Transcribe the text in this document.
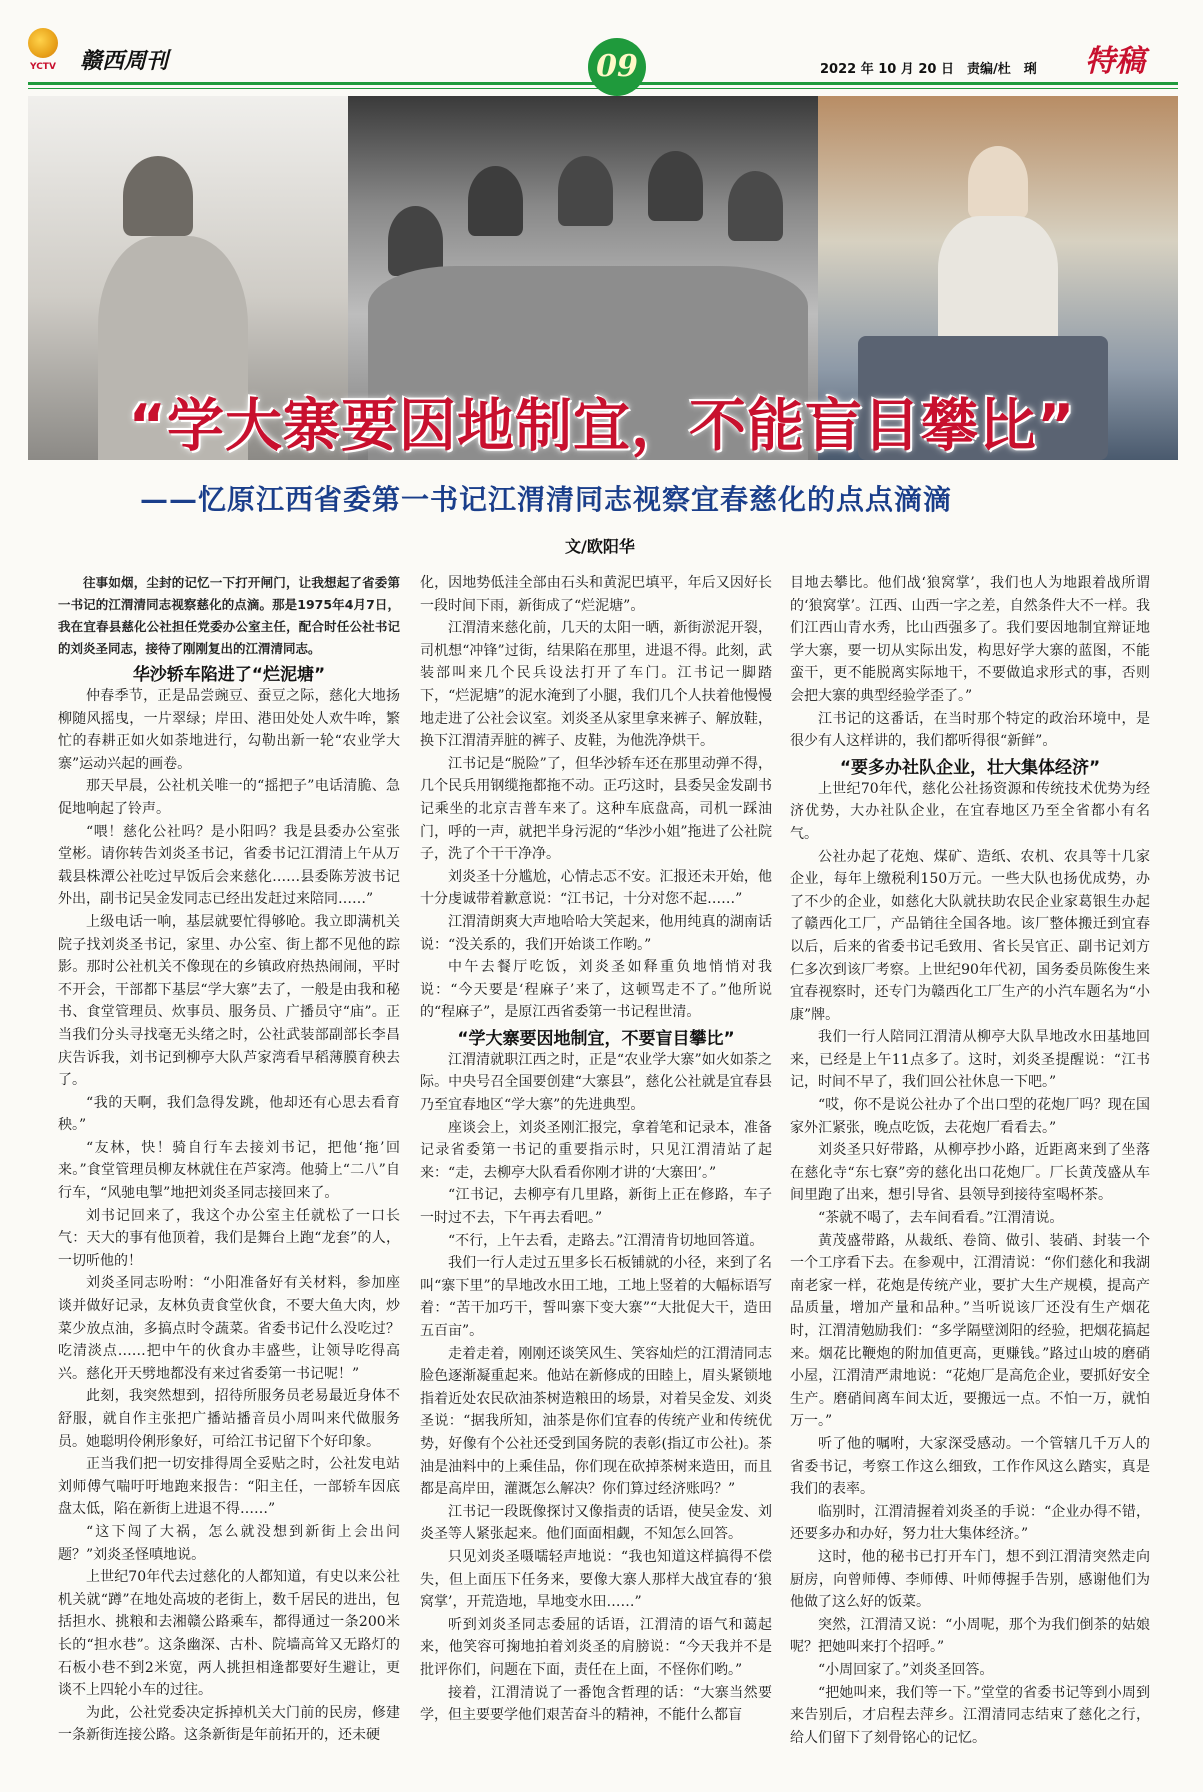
YCTV 赣西周刊	09	2022 年 10 月 20 日　责编/杜　琍 特稿
“学大寨要因地制宜，不能盲目攀比”
——忆原江西省委第一书记江渭清同志视察宜春慈化的点点滴滴
文/欧阳华

往事如烟，尘封的记忆一下打开闸门，让我想起了省委第一书记的江渭清同志视察慈化的点滴。那是1975年4月7日，我在宜春县慈化公社担任党委办公室主任，配合时任公社书记的刘炎圣同志，接待了刚刚复出的江渭清同志。

华沙轿车陷进了“烂泥塘”

仲春季节，正是品尝豌豆、蚕豆之际，慈化大地扬柳随风摇曳，一片翠绿；岸田、港田处处人欢牛哞，繁忙的春耕正如火如荼地进行，勾勒出新一轮“农业学大寨”运动兴起的画卷。

那天早晨，公社机关唯一的“摇把子”电话清脆、急促地响起了铃声。

“喂！慈化公社吗？是小阳吗？我是县委办公室张堂彬。请你转告刘炎圣书记，省委书记江渭清上午从万载县株潭公社吃过早饭后会来慈化……县委陈芳波书记外出，副书记吴金发同志已经出发赶过来陪同……”

上级电话一响，基层就要忙得够呛。我立即满机关院子找刘炎圣书记，家里、办公室、街上都不见他的踪影。那时公社机关不像现在的乡镇政府热热闹闹，平时不开会，干部都下基层“学大寨”去了，一般是由我和秘书、食堂管理员、炊事员、服务员、广播员守“庙”。正当我们分头寻找毫无头绪之时，公社武装部副部长李昌庆告诉我，刘书记到柳亭大队芦家湾看早稻薄膜育秧去了。

“我的天啊，我们急得发跳，他却还有心思去看育秧。”

“友林，快！骑自行车去接刘书记，把他‘拖’回来。”食堂管理员柳友林就住在芦家湾。他骑上“二八”自行车，“风驰电掣”地把刘炎圣同志接回来了。

刘书记回来了，我这个办公室主任就松了一口长气：天大的事有他顶着，我们是舞台上跑“龙套”的人，一切听他的！

刘炎圣同志吩咐：“小阳准备好有关材料，参加座谈并做好记录，友林负责食堂伙食，不要大鱼大肉，炒菜少放点油，多搞点时令蔬菜。省委书记什么没吃过？吃清淡点……把中午的伙食办丰盛些，让领导吃得高兴。慈化开天劈地都没有来过省委第一书记呢！”

此刻，我突然想到，招待所服务员老易最近身体不舒服，就自作主张把广播站播音员小周叫来代做服务员。她聪明伶俐形象好，可给江书记留下个好印象。

正当我们把一切安排得周全妥贴之时，公社发电站刘师傅气喘吁吁地跑来报告：“阳主任，一部轿车因底盘太低，陷在新街上进退不得……”

“这下闯了大祸，怎么就没想到新街上会出问题？”刘炎圣怪嗔地说。

上世纪70年代去过慈化的人都知道，有史以来公社机关就“蹲”在地处高坡的老街上，数千居民的进出，包括担水、挑粮和去湘赣公路乘车，都得通过一条200米长的“担水巷”。这条幽深、古朴、院墙高耸又无路灯的石板小巷不到2米宽，两人挑担相逢都要好生避让，更谈不上四轮小车的过往。

为此，公社党委决定拆掉机关大门前的民房，修建一条新街连接公路。这条新街是年前拓开的，还未硬

化，因地势低洼全部由石头和黄泥巴填平，年后又因好长一段时间下雨，新街成了“烂泥塘”。

江渭清来慈化前，几天的太阳一晒，新街淤泥开裂，司机想“冲锋”过街，结果陷在那里，进退不得。此刻，武装部叫来几个民兵设法打开了车门。江书记一脚踏下，“烂泥塘”的泥水淹到了小腿，我们几个人扶着他慢慢地走进了公社会议室。刘炎圣从家里拿来裤子、解放鞋，换下江渭清弄脏的裤子、皮鞋，为他洗净烘干。

江书记是“脱险”了，但华沙轿车还在那里动弹不得，几个民兵用钢缆拖都拖不动。正巧这时，县委吴金发副书记乘坐的北京吉普车来了。这种车底盘高，司机一踩油门，呼的一声，就把半身污泥的“华沙小姐”拖进了公社院子，洗了个干干净净。

刘炎圣十分尴尬，心情忐忑不安。汇报还未开始，他十分虔诚带着歉意说：“江书记，十分对您不起……”

江渭清朗爽大声地哈哈大笑起来，他用纯真的湖南话说：“没关系的，我们开始谈工作哟。”

中午去餐厅吃饭，刘炎圣如释重负地悄悄对我说：“今天要是‘程麻子’来了，这顿骂走不了。”他所说的“程麻子”，是原江西省委第一书记程世清。

“学大寨要因地制宜，不要盲目攀比”

江渭清就职江西之时，正是“农业学大寨”如火如荼之际。中央号召全国要创建“大寨县”，慈化公社就是宜春县乃至宜春地区“学大寨”的先进典型。

座谈会上，刘炎圣刚汇报完，拿着笔和记录本，准备记录省委第一书记的重要指示时，只见江渭清站了起来：“走，去柳亭大队看看你刚才讲的‘大寨田’。”

“江书记，去柳亭有几里路，新街上正在修路，车子一时过不去，下午再去看吧。”

“不行，上午去看，走路去。”江渭清肯切地回答道。

我们一行人走过五里多长石板铺就的小径，来到了名叫“寨下里”的旱地改水田工地，工地上竖着的大幅标语写着：“苦干加巧干，誓叫寨下变大寨”“大批促大干，造田五百亩”。

走着走着，刚刚还谈笑风生、笑容灿烂的江渭清同志脸色逐渐凝重起来。他站在新修成的田睦上，眉头紧锁地指着近处农民砍油茶树造粮田的场景，对着吴金发、刘炎圣说：“据我所知，油茶是你们宜春的传统产业和传统优势，好像有个公社还受到国务院的表彰(指辽市公社)。茶油是油料中的上乘佳品，你们现在砍掉茶树来造田，而且都是高岸田，灌溉怎么解决？你们算过经济账吗？”

江书记一段既像探讨又像指责的话语，使吴金发、刘炎圣等人紧张起来。他们面面相觑，不知怎么回答。

只见刘炎圣嗫嚅轻声地说：“我也知道这样搞得不偿失，但上面压下任务来，要像大寨人那样大战宜春的‘狼窝掌’，开荒造地，旱地变水田……”

听到刘炎圣同志委屈的话语，江渭清的语气和蔼起来，他笑容可掬地拍着刘炎圣的肩膀说：“今天我并不是批评你们，问题在下面，责任在上面，不怪你们哟。”

接着，江渭清说了一番饱含哲理的话：“大寨当然要学，但主要要学他们艰苦奋斗的精神，不能什么都盲

目地去攀比。他们战‘狼窝掌’，我们也人为地跟着战所谓的‘狼窝掌’。江西、山西一字之差，自然条件大不一样。我们江西山青水秀，比山西强多了。我们要因地制宜辩证地学大寨，要一切从实际出发，构思好学大寨的蓝图，不能蛮干，更不能脱离实际地干，不要做追求形式的事，否则会把大寨的典型经验学歪了。”

江书记的这番话，在当时那个特定的政治环境中，是很少有人这样讲的，我们都听得很“新鲜”。

“要多办社队企业，壮大集体经济”

上世纪70年代，慈化公社扬资源和传统技术优势为经济优势，大办社队企业，在宜春地区乃至全省都小有名气。

公社办起了花炮、煤矿、造纸、农机、农具等十几家企业，每年上缴税利150万元。一些大队也扬优成势，办了不少的企业，如慈化大队就扶助农民企业家葛银生办起了赣西化工厂，产品销往全国各地。该厂整体搬迁到宜春以后，后来的省委书记毛致用、省长吴官正、副书记刘方仁多次到该厂考察。上世纪90年代初，国务委员陈俊生来宜春视察时，还专门为赣西化工厂生产的小汽车题名为“小康”牌。

我们一行人陪同江渭清从柳亭大队旱地改水田基地回来，已经是上午11点多了。这时，刘炎圣提醒说：“江书记，时间不早了，我们回公社休息一下吧。”

“哎，你不是说公社办了个出口型的花炮厂吗？现在国家外汇紧张，晚点吃饭，去花炮厂看看去。”

刘炎圣只好带路，从柳亭抄小路，近距离来到了坐落在慈化寺“东七寮”旁的慈化出口花炮厂。厂长黄茂盛从车间里跑了出来，想引导省、县领导到接待室喝杯茶。

“茶就不喝了，去车间看看。”江渭清说。

黄茂盛带路，从裁纸、卷筒、做引、装硝、封装一个一个工序看下去。在参观中，江渭清说：“你们慈化和我湖南老家一样，花炮是传统产业，要扩大生产规模，提高产品质量，增加产量和品种。”当听说该厂还没有生产烟花时，江渭清勉励我们：“多学隔壁浏阳的经验，把烟花搞起来。烟花比鞭炮的附加值更高，更赚钱。”路过山坡的磨硝小屋，江渭清严肃地说：“花炮厂是高危企业，要抓好安全生产。磨硝间离车间太近，要搬远一点。不怕一万，就怕万一。”

听了他的嘱咐，大家深受感动。一个管辖几千万人的省委书记，考察工作这么细致，工作作风这么踏实，真是我们的表率。

临别时，江渭清握着刘炎圣的手说：“企业办得不错，还要多办和办好，努力壮大集体经济。”

这时，他的秘书已打开车门，想不到江渭清突然走向厨房，向曾师傅、李师傅、叶师傅握手告别，感谢他们为他做了这么好的饭菜。

突然，江渭清又说：“小周呢，那个为我们倒茶的姑娘呢？把她叫来打个招呼。”

“小周回家了。”刘炎圣回答。

“把她叫来，我们等一下。”堂堂的省委书记等到小周到来告别后，才启程去萍乡。江渭清同志结束了慈化之行，给人们留下了刻骨铭心的记忆。
